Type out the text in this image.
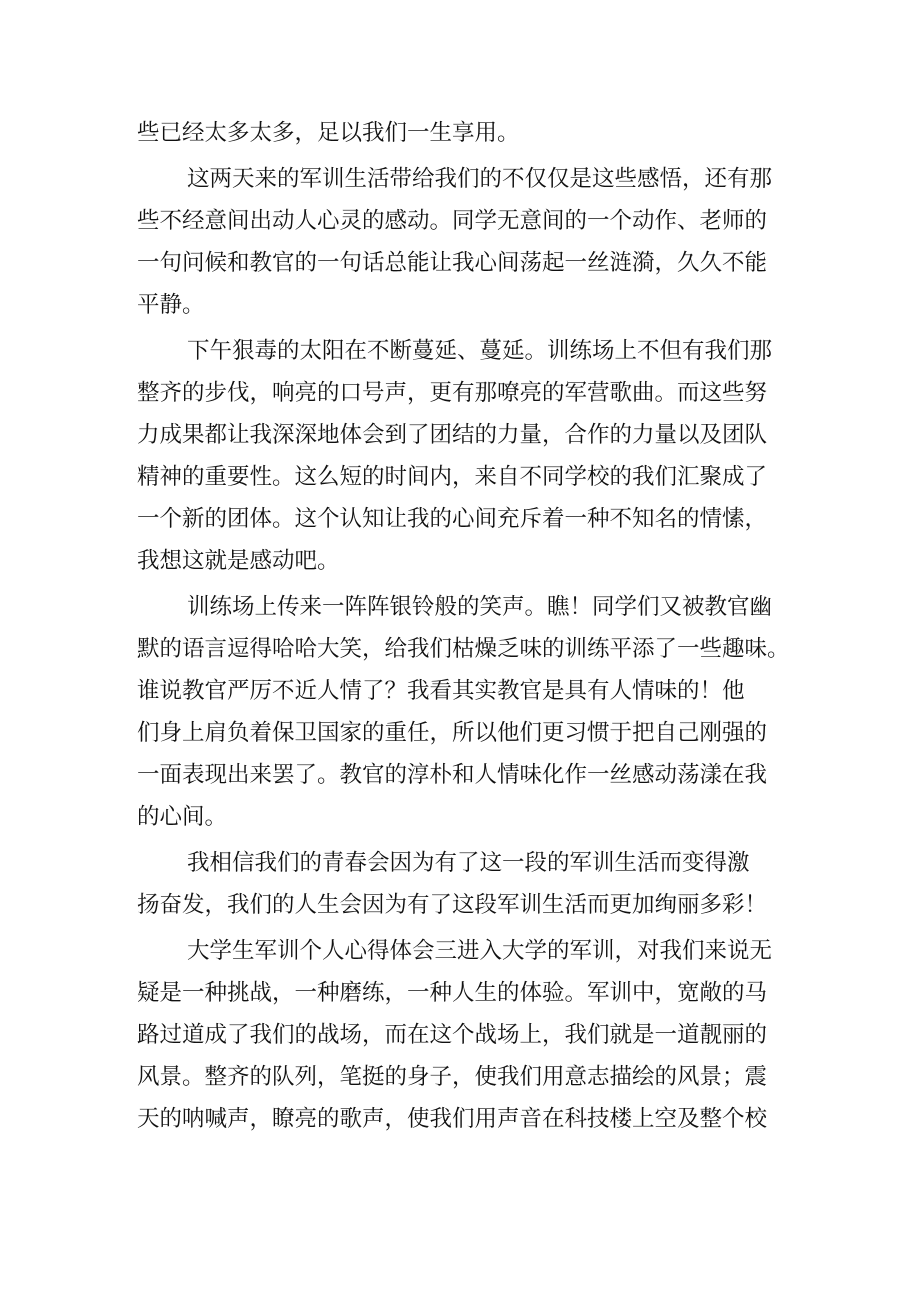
些已经太多太多，足以我们一生享用。
这两天来的军训生活带给我们的不仅仅是这些感悟，还有那
些不经意间出动人心灵的感动。同学无意间的一个动作、老师的
一句问候和教官的一句话总能让我心间荡起一丝涟漪，久久不能
平静。
下午狠毒的太阳在不断蔓延、蔓延。训练场上不但有我们那
整齐的步伐，响亮的口号声，更有那嘹亮的军营歌曲。而这些努
力成果都让我深深地体会到了团结的力量，合作的力量以及团队
精神的重要性。这么短的时间内，来自不同学校的我们汇聚成了
一个新的团体。这个认知让我的心间充斥着一种不知名的情愫，
我想这就是感动吧。
训练场上传来一阵阵银铃般的笑声。瞧！同学们又被教官幽
默的语言逗得哈哈大笑，给我们枯燥乏味的训练平添了一些趣味。
谁说教官严厉不近人情了？我看其实教官是具有人情味的！他
们身上肩负着保卫国家的重任，所以他们更习惯于把自己刚强的
一面表现出来罢了。教官的淳朴和人情味化作一丝感动荡漾在我
的心间。
我相信我们的青春会因为有了这一段的军训生活而变得激
扬奋发，我们的人生会因为有了这段军训生活而更加绚丽多彩！
大学生军训个人心得体会三进入大学的军训，对我们来说无
疑是一种挑战，一种磨练，一种人生的体验。军训中，宽敞的马
路过道成了我们的战场，而在这个战场上，我们就是一道靓丽的
风景。整齐的队列，笔挺的身子，使我们用意志描绘的风景；震
天的呐喊声，瞭亮的歌声，使我们用声音在科技楼上空及整个校
